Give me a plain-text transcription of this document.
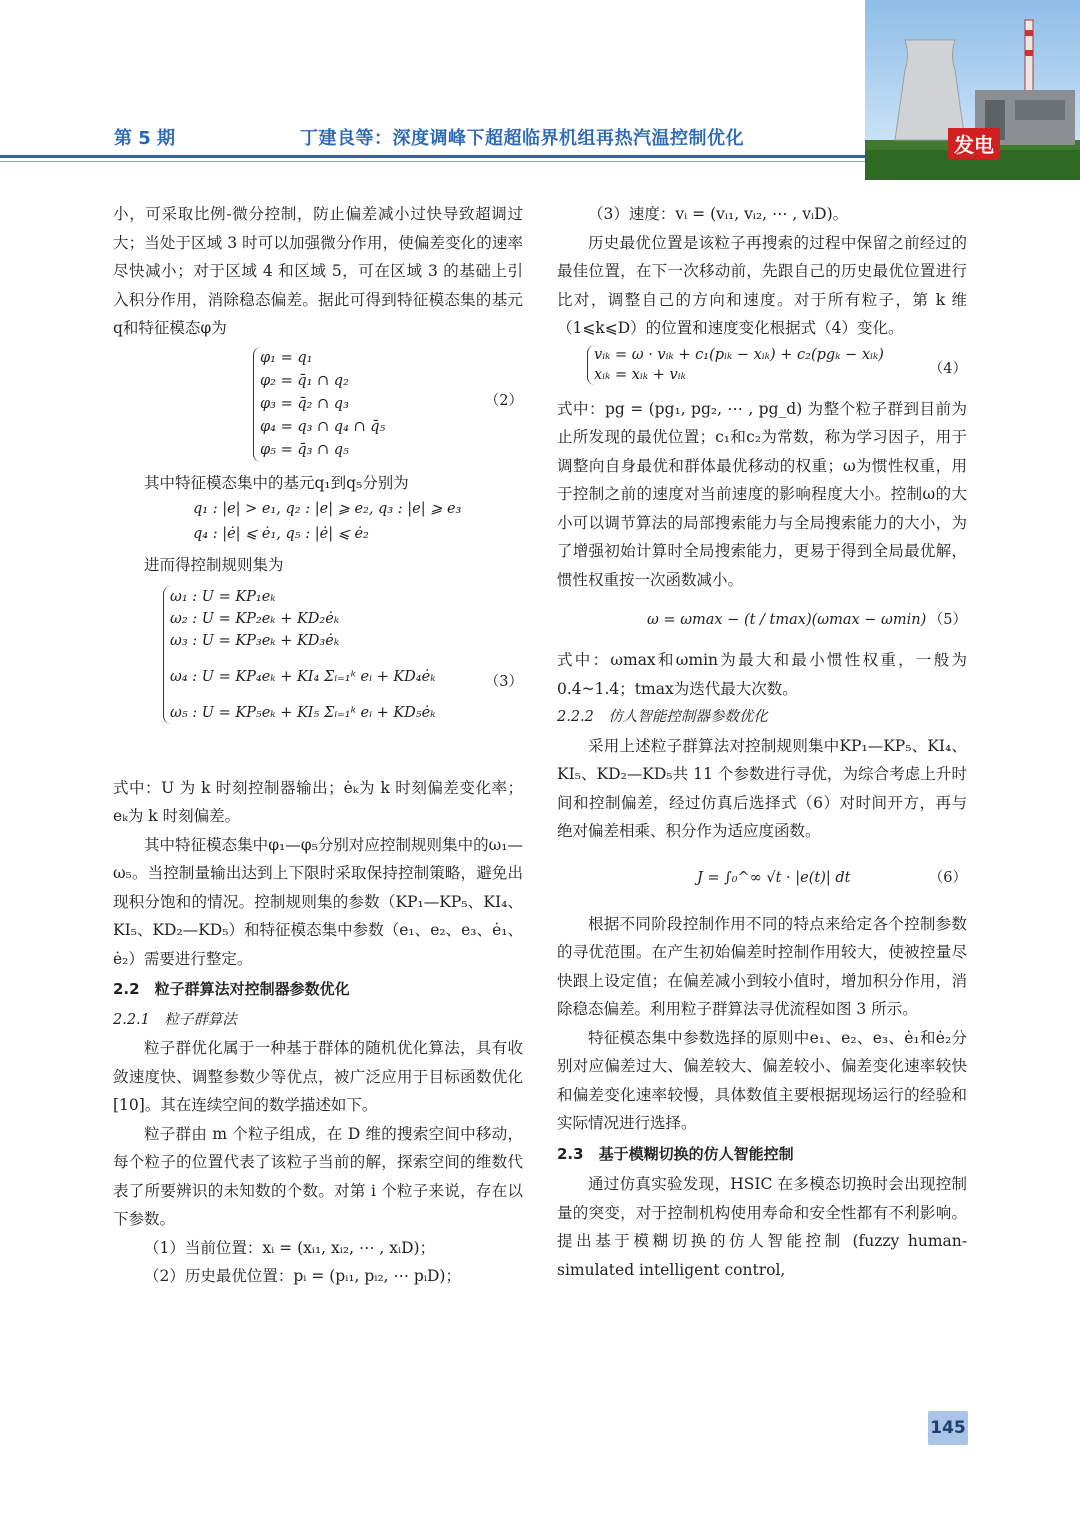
第 5 期	丁建良等：深度调峰下超超临界机组再热汽温控制优化	发电

小，可采取比例-微分控制，防止偏差减小过快导致超调过大；当处于区域 3 时可以加强微分作用，使偏差变化的速率尽快减小；对于区域 4 和区域 5，可在区域 3 的基础上引入积分作用，消除稳态偏差。据此可得到特征模态集的基元q和特征模态φ为

φ₁ = q₁
φ₂ = q̄₁ ∩ q₂
φ₃ = q̄₂ ∩ q₃
φ₄ = q₃ ∩ q₄ ∩ q̄₅
φ₅ = q̄₃ ∩ q₅
（2）

其中特征模态集中的基元q₁到q₅分别为

q₁ : |e| > e₁, q₂ : |e| ⩾ e₂, q₃ : |e| ⩾ e₃
q₄ : |ė| ⩽ ė₁, q₅ : |ė| ⩽ ė₂

进而得控制规则集为

ω₁ : U = KP₁eₖ
ω₂ : U = KP₂eₖ + KD₂ėₖ
ω₃ : U = KP₃eₖ + KD₃ėₖ
ω₄ : U = KP₄eₖ + KI₄ Σᵢ₌₁ᵏ eᵢ + KD₄ėₖ
ω₅ : U = KP₅eₖ + KI₅ Σᵢ₌₁ᵏ eᵢ + KD₅ėₖ
（3）

式中：U 为 k 时刻控制器输出；ėₖ为 k 时刻偏差变化率；eₖ为 k 时刻偏差。

其中特征模态集中φ₁—φ₅分别对应控制规则集中的ω₁—ω₅。当控制量输出达到上下限时采取保持控制策略，避免出现积分饱和的情况。控制规则集的参数（KP₁—KP₅、KI₄、KI₅、KD₂—KD₅）和特征模态集中参数（e₁、e₂、e₃、ė₁、ė₂）需要进行整定。

2.2　粒子群算法对控制器参数优化
2.2.1　粒子群算法

粒子群优化属于一种基于群体的随机优化算法，具有收敛速度快、调整参数少等优点，被广泛应用于目标函数优化[10]。其在连续空间的数学描述如下。

粒子群由 m 个粒子组成，在 D 维的搜索空间中移动，每个粒子的位置代表了该粒子当前的解，探索空间的维数代表了所要辨识的未知数的个数。对第 i 个粒子来说，存在以下参数。

（1）当前位置：xᵢ = (xᵢ₁, xᵢ₂, ⋯ , xᵢD)；

（2）历史最优位置：pᵢ = (pᵢ₁, pᵢ₂, ⋯ pᵢD)；

（3）速度：vᵢ = (vᵢ₁, vᵢ₂, ⋯ , vᵢD)。

历史最优位置是该粒子再搜索的过程中保留之前经过的最佳位置，在下一次移动前，先跟自己的历史最优位置进行比对，调整自己的方向和速度。对于所有粒子，第 k 维（1⩽k⩽D）的位置和速度变化根据式（4）变化。

vᵢₖ = ω · vᵢₖ + c₁(pᵢₖ − xᵢₖ) + c₂(pgₖ − xᵢₖ)
xᵢₖ = xᵢₖ + vᵢₖ	（4）

式中：pg = (pg₁, pg₂, ⋯ , pg_d) 为整个粒子群到目前为止所发现的最优位置；c₁和c₂为常数，称为学习因子，用于调整向自身最优和群体最优移动的权重；ω为惯性权重，用于控制之前的速度对当前速度的影响程度大小。控制ω的大小可以调节算法的局部搜索能力与全局搜索能力的大小，为了增强初始计算时全局搜索能力，更易于得到全局最优解，惯性权重按一次函数减小。

ω = ωmax − (t / tmax)(ωmax − ωmin) （5）

式中：ωmax和ωmin为最大和最小惯性权重，一般为 0.4~1.4；tmax为迭代最大次数。

2.2.2　仿人智能控制器参数优化

采用上述粒子群算法对控制规则集中KP₁—KP₅、KI₄、KI₅、KD₂—KD₅共 11 个参数进行寻优，为综合考虑上升时间和控制偏差，经过仿真后选择式（6）对时间开方，再与绝对偏差相乘、积分作为适应度函数。

J = ∫₀^∞ √t · |e(t)| dt	（6）

根据不同阶段控制作用不同的特点来给定各个控制参数的寻优范围。在产生初始偏差时控制作用较大，使被控量尽快跟上设定值；在偏差减小到较小值时，增加积分作用，消除稳态偏差。利用粒子群算法寻优流程如图 3 所示。

特征模态集中参数选择的原则中e₁、e₂、e₃、ė₁和ė₂分别对应偏差过大、偏差较大、偏差较小、偏差变化速率较快和偏差变化速率较慢，具体数值主要根据现场运行的经验和实际情况进行选择。

2.3　基于模糊切换的仿人智能控制

通过仿真实验发现，HSIC 在多模态切换时会出现控制量的突变，对于控制机构使用寿命和安全性都有不利影响。提出基于模糊切换的仿人智能控制 (fuzzy human-simulated intelligent control,

145
